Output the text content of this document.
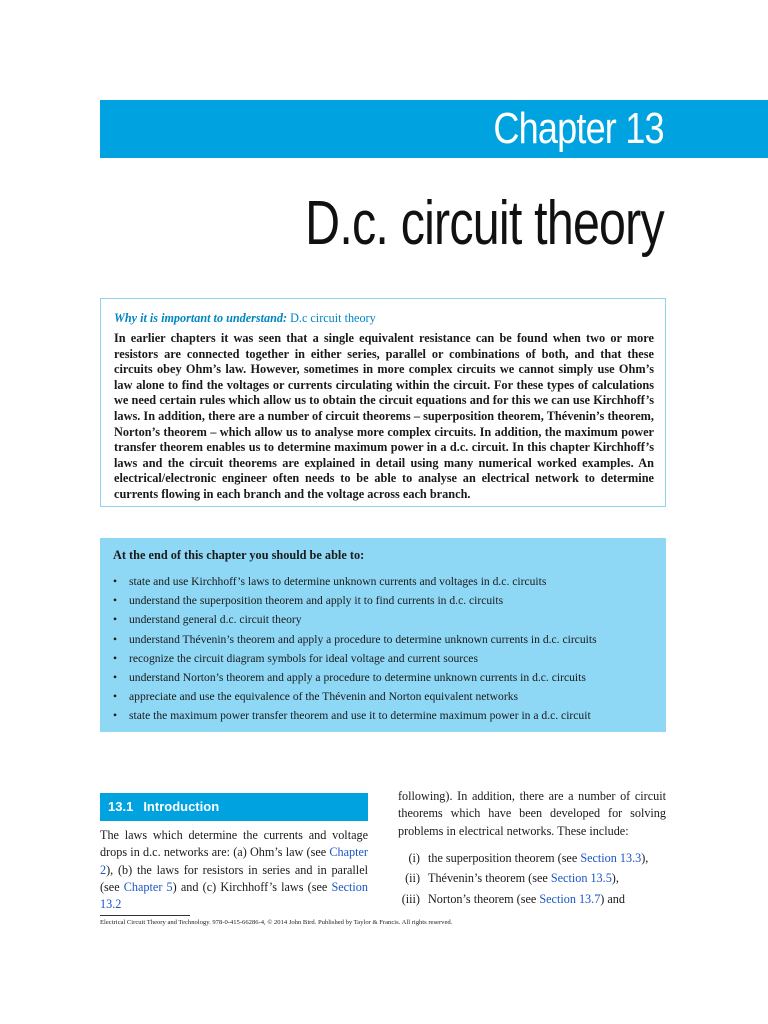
Chapter 13
D.c. circuit theory

Why it is important to understand: D.c circuit theory

In earlier chapters it was seen that a single equivalent resistance can be found when two or more resistors are connected together in either series, parallel or combinations of both, and that these circuits obey Ohm’s law. However, sometimes in more complex circuits we cannot simply use Ohm’s law alone to find the voltages or currents circulating within the circuit. For these types of calculations we need certain rules which allow us to obtain the circuit equations and for this we can use Kirchhoff’s laws. In addition, there are a number of circuit theorems – superposition theorem, Thévenin’s theorem, Norton’s theorem – which allow us to analyse more complex circuits. In addition, the maximum power transfer theorem enables us to determine maximum power in a d.c. circuit. In this chapter Kirchhoff’s laws and the circuit theorems are explained in detail using many numerical worked examples. An electrical/electronic engineer often needs to be able to analyse an electrical network to determine currents flowing in each branch and the voltage across each branch.

At the end of this chapter you should be able to:

• state and use Kirchhoff’s laws to determine unknown currents and voltages in d.c. circuits
• understand the superposition theorem and apply it to find currents in d.c. circuits
• understand general d.c. circuit theory
• understand Thévenin’s theorem and apply a procedure to determine unknown currents in d.c. circuits
• recognize the circuit diagram symbols for ideal voltage and current sources
• understand Norton’s theorem and apply a procedure to determine unknown currents in d.c. circuits
• appreciate and use the equivalence of the Thévenin and Norton equivalent networks
• state the maximum power transfer theorem and use it to determine maximum power in a d.c. circuit
13.1 Introduction

The laws which determine the currents and voltage drops in d.c. networks are: (a) Ohm’s law (see Chapter 2), (b) the laws for resistors in series and in parallel (see Chapter 5) and (c) Kirchhoff’s laws (see Section 13.2

following). In addition, there are a number of circuit theorems which have been developed for solving problems in electrical networks. These include:

(i) the superposition theorem (see Section 13.3),
(ii) Thévenin’s theorem (see Section 13.5),
(iii) Norton’s theorem (see Section 13.7) and
Electrical Circuit Theory and Technology. 978-0-415-66286-4, © 2014 John Bird. Published by Taylor & Francis. All rights reserved.
